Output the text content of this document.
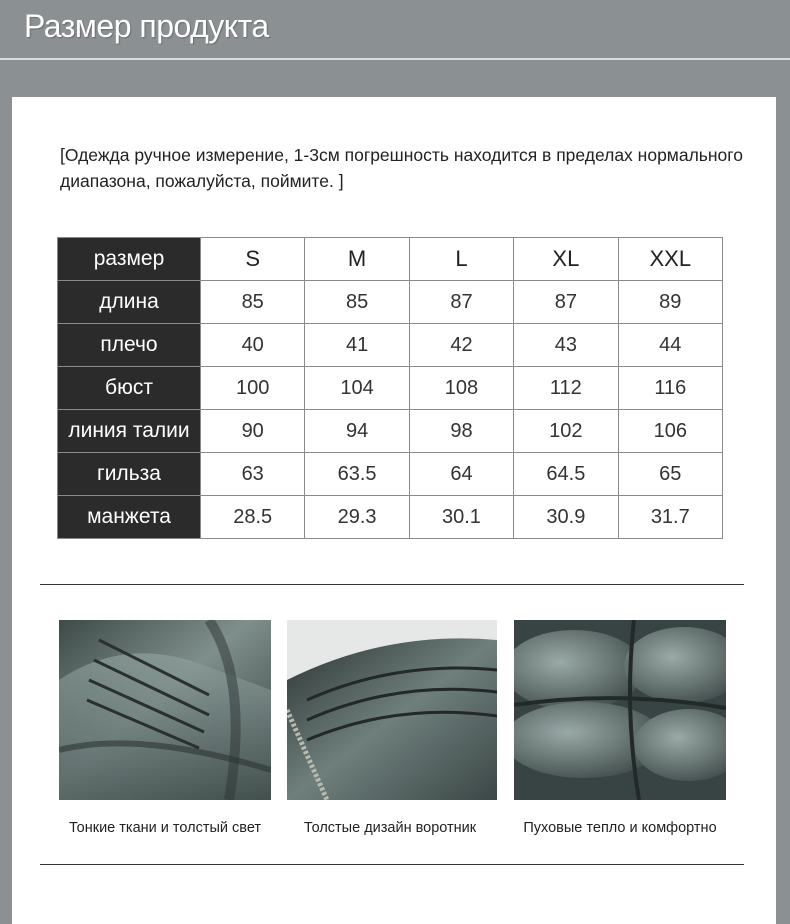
Размер продукта
[Одежда ручное измерение, 1-3см погрешность находится в пределах нормального диапазона, пожалуйста, поймите. ]
размер	S	M	L	XL	XXL
длина	85	85	87	87	89
плечо	40	41	42	43	44
бюст	100	104	108	112	116
линия талии	90	94	98	102	106
гильза	63	63.5	64	64.5	65
манжета	28.5	29.3	30.1	30.9	31.7
Тонкие ткани и толстый свет	Толстые дизайн воротник	Пуховые тепло и комфортно
